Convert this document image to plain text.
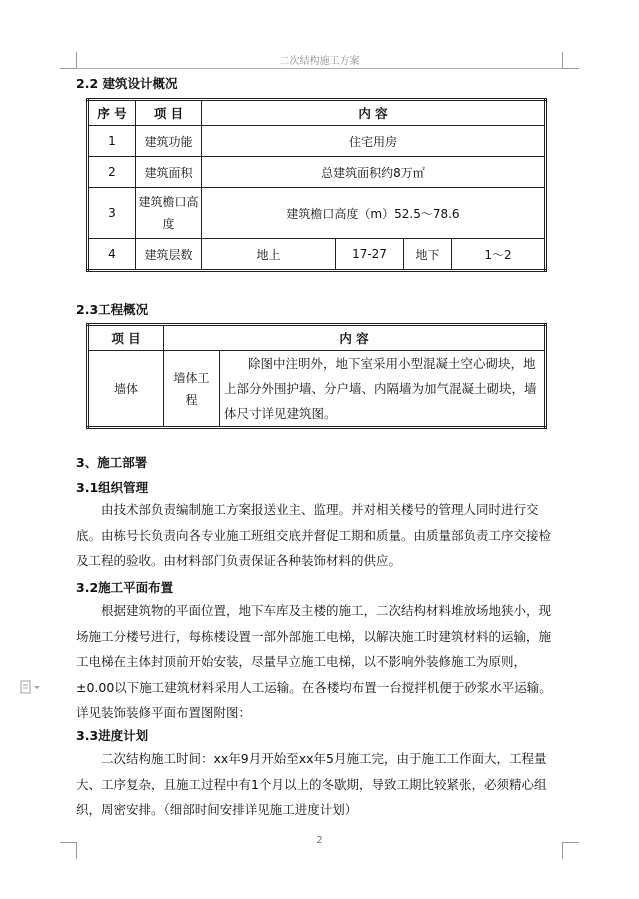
二次结构施工方案
2.2 建筑设计概况
序 号	项 目	内 容			
1	建筑功能	住宅用房			
2	建筑面积	总建筑面积约8万㎡			
3	建筑檐口高度	建筑檐口高度（m）52.5～78.6			
4	建筑层数	地上	17-27	地下	1～2
2.3工程概况
项 目	内 容	
墙体	墙体工程	除图中注明外，地下室采用小型混凝土空心砌块，地上部分外围护墙、分户墙、内隔墙为加气混凝土砌块，墙体尺寸详见建筑图。
3、施工部署
3.1组织管理

由技术部负责编制施工方案报送业主、监理。并对相关楼号的管理人同时进行交底。由栋号长负责向各专业施工班组交底并督促工期和质量。由质量部负责工序交接检及工程的验收。由材料部门负责保证各种装饰材料的供应。

3.2施工平面布置

根据建筑物的平面位置，地下车库及主楼的施工，二次结构材料堆放场地狭小，现场施工分楼号进行，每栋楼设置一部外部施工电梯，以解决施工时建筑材料的运输，施工电梯在主体封顶前开始安装，尽量早立施工电梯，以不影响外装修施工为原则，±0.00以下施工建筑材料采用人工运输。在各楼均布置一台搅拌机便于砂浆水平运输。详见装饰装修平面布置图附图：

3.3进度计划

二次结构施工时间：xx年9月开始至xx年5月施工完，由于施工工作面大，工程量大、工序复杂，且施工过程中有1个月以上的冬歇期，导致工期比较紧张，必须精心组织，周密安排。（细部时间安排详见施工进度计划）

2
